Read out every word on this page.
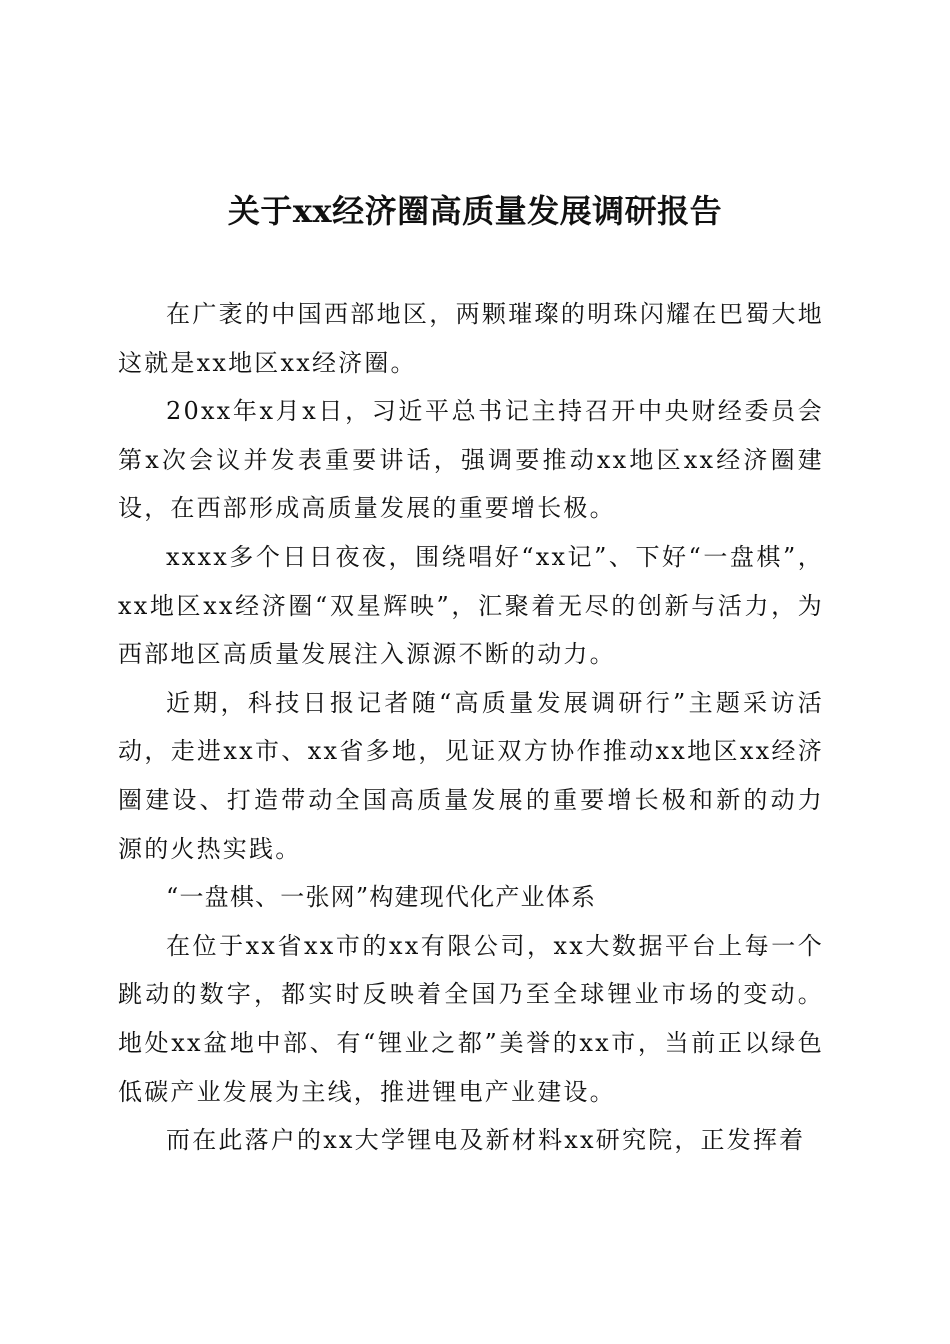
关于xx经济圈高质量发展调研报告

在广袤的中国西部地区，两颗璀璨的明珠闪耀在巴蜀大地这就是xx地区xx经济圈。

20xx年x月x日，习近平总书记主持召开中央财经委员会第x次会议并发表重要讲话，强调要推动xx地区xx经济圈建设，在西部形成高质量发展的重要增长极。

xxxx多个日日夜夜，围绕唱好“xx记”、下好“一盘棋”，xx地区xx经济圈“双星辉映”，汇聚着无尽的创新与活力，为西部地区高质量发展注入源源不断的动力。

近期，科技日报记者随“高质量发展调研行”主题采访活动，走进xx市、xx省多地，见证双方协作推动xx地区xx经济圈建设、打造带动全国高质量发展的重要增长极和新的动力源的火热实践。

“一盘棋、一张网”构建现代化产业体系

在位于xx省xx市的xx有限公司，xx大数据平台上每一个跳动的数字，都实时反映着全国乃至全球锂业市场的变动。地处xx盆地中部、有“锂业之都”美誉的xx市，当前正以绿色低碳产业发展为主线，推进锂电产业建设。

而在此落户的xx大学锂电及新材料xx研究院，正发挥着
